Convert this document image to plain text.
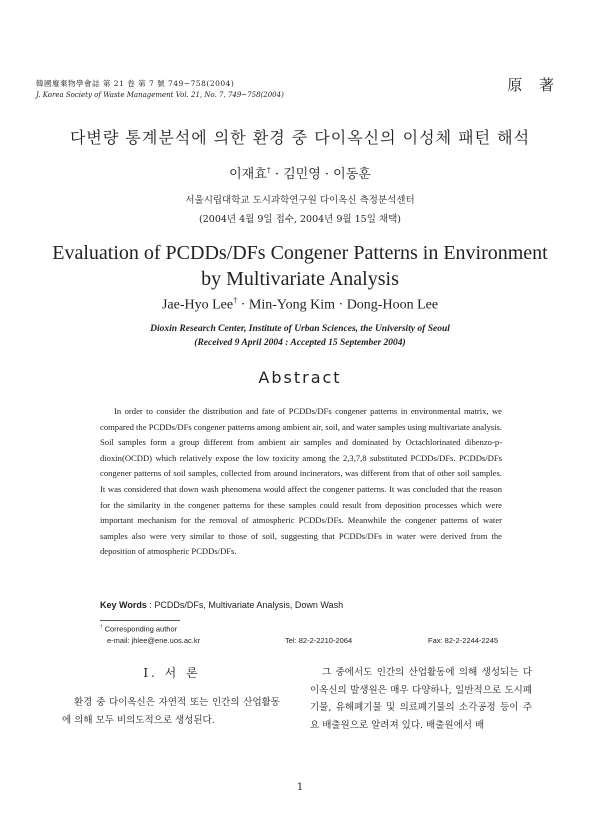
韓國廢棄物學會誌 第 21 卷 第 7 號 749~758(2004)
J. Korea Society of Waste Management Vol. 21, No. 7, 749~758(2004)
原 著
다변량 통계분석에 의한 환경 중 다이옥신의 이성체 패턴 해석
이재효† · 김민영 · 이동훈
서울시립대학교 도시과학연구원 다이옥신 측정분석센터
(2004년 4월 9일 접수, 2004년 9월 15일 채택)
Evaluation of PCDDs/DFs Congener Patterns in Environment by Multivariate Analysis
Jae-Hyo Lee† · Min-Yong Kim · Dong-Hoon Lee
Dioxin Research Center, Institute of Urban Sciences, the University of Seoul
(Received 9 April 2004 : Accepted 15 September 2004)
Abstract
In order to consider the distribution and fate of PCDDs/DFs congener patterns in environmental matrix, we compared the PCDDs/DFs congener patterns among ambient air, soil, and water samples using multivariate analysis. Soil samples form a group different from ambient air samples and dominated by Octachlorinated dibenzo-p-dioxin(OCDD) which relatively expose the low toxicity among the 2,3,7,8 substituted PCDDs/DFs. PCDDs/DFs congener patterns of soil samples, collected from around incinerators, was different from that of other soil samples. It was considered that down wash phenomena would affect the congener patterns. It was concluded that the reason for the similarity in the congener patterns for these samples could result from deposition processes which were important mechanism for the removal of atmospheric PCDDs/DFs. Meanwhile the congener patterns of water samples also were very similar to those of soil, suggesting that PCDDs/DFs in water were derived from the deposition of atmospheric PCDDs/DFs.
Key Words : PCDDs/DFs, Multivariate Analysis, Down Wash
† Corresponding author
e-mail: jhlee@ene.uos.ac.kr	Tel: 82-2-2210-2064	Fax: 82-2-2244-2245
Ⅰ. 서 론
환경 중 다이옥신은 자연적 또는 인간의 산업활동에 의해 모두 비의도적으로 생성된다.
그 중에서도 인간의 산업활동에 의해 생성되는 다이옥신의 발생원은 매우 다양하나, 일반적으로 도시폐기물, 유해폐기물 및 의료폐기물의 소각공정 등이 주요 배출원으로 알려져 있다. 배출원에서 배
1
